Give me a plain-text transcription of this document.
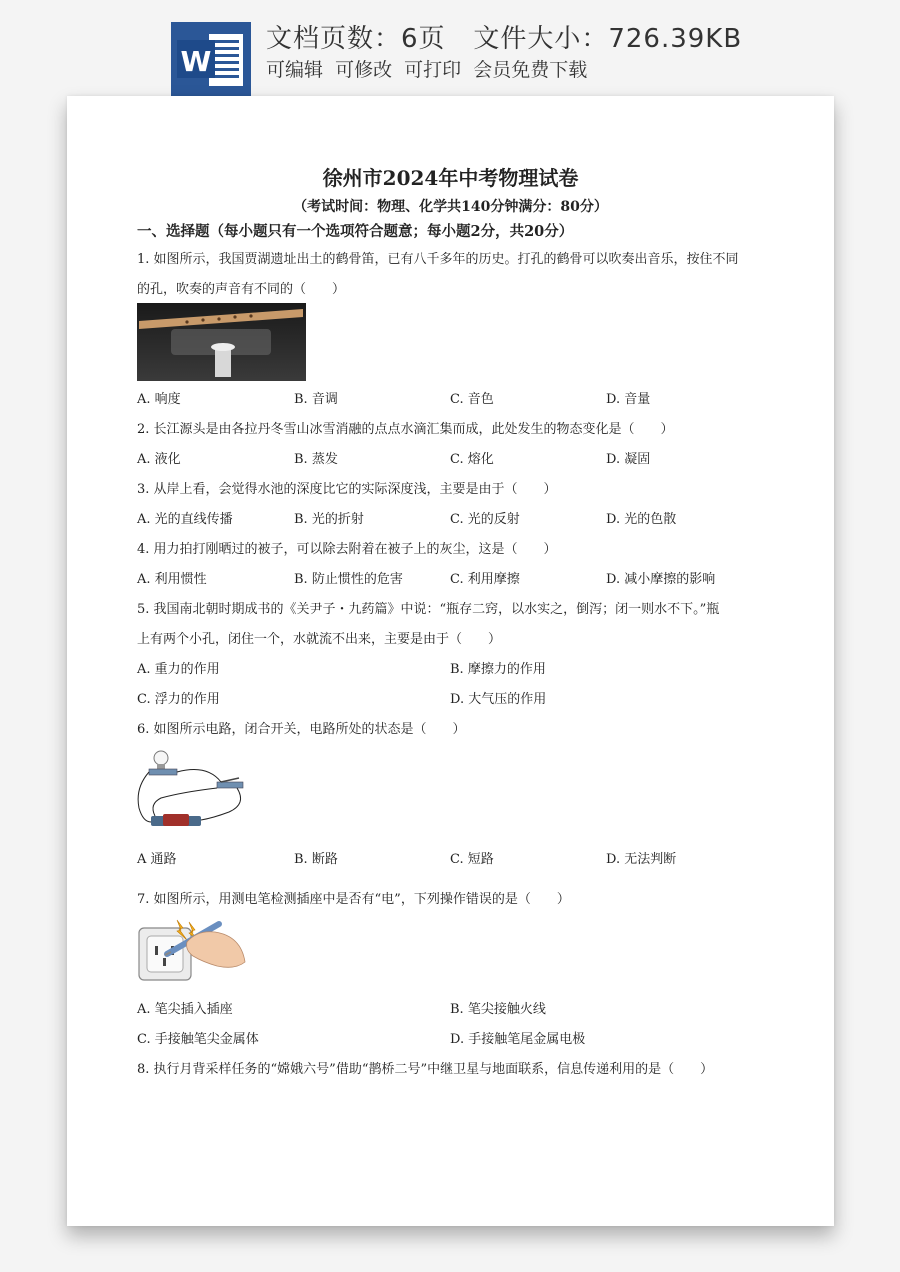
W
文档页数：6页   文件大小：726.39KB
可编辑  可修改  可打印  会员免费下载
徐州市2024年中考物理试卷
（考试时间：物理、化学共140分钟满分：80分）
一、选择题（每小题只有一个选项符合题意；每小题2分，共20分）
1. 如图所示，我国贾湖遗址出土的鹤骨笛，已有八千多年的历史。打孔的鹤骨可以吹奏出音乐，按住不同
的孔，吹奏的声音有不同的（　　）
A. 响度	B. 音调	C. 音色	D. 音量
2. 长江源头是由各拉丹冬雪山冰雪消融的点点水滴汇集而成，此处发生的物态变化是（　　）
A. 液化	B. 蒸发	C. 熔化	D. 凝固
3. 从岸上看，会觉得水池的深度比它的实际深度浅，主要是由于（　　）
A. 光的直线传播	B. 光的折射	C. 光的反射	D. 光的色散
4. 用力拍打刚晒过的被子，可以除去附着在被子上的灰尘，这是（　　）
A. 利用惯性	B. 防止惯性的危害	C. 利用摩擦	D. 减小摩擦的影响
5. 我国南北朝时期成书的《关尹子・九药篇》中说：“瓶存二窍，以水实之，倒泻；闭一则水不下。”瓶
上有两个小孔，闭住一个，水就流不出来，主要是由于（　　）
A. 重力的作用	B. 摩擦力的作用
C. 浮力的作用	D. 大气压的作用
6. 如图所示电路，闭合开关，电路所处的状态是（　　）
A 通路	B. 断路	C. 短路	D. 无法判断
7. 如图所示，用测电笔检测插座中是否有“电”，下列操作错误的是（　　）
A. 笔尖插入插座	B. 笔尖接触火线
C. 手接触笔尖金属体	D. 手接触笔尾金属电极
8. 执行月背采样任务的“嫦娥六号”借助“鹊桥二号”中继卫星与地面联系，信息传递利用的是（　　）
